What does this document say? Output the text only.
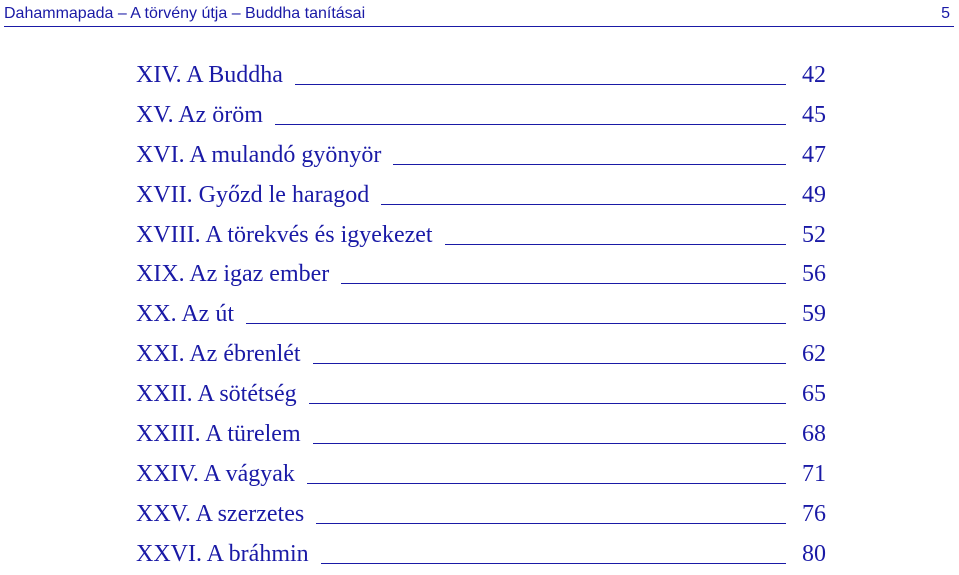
Dahammapada – A törvény útja – Buddha tanításai	5
XIV. A Buddha	42
XV. Az öröm	45
XVI. A mulandó gyönyör	47
XVII. Győzd le haragod	49
XVIII. A törekvés és igyekezet	52
XIX. Az igaz ember	56
XX. Az út	59
XXI. Az ébrenlét	62
XXII. A sötétség	65
XXIII. A türelem	68
XXIV. A vágyak	71
XXV. A szerzetes	76
XXVI. A bráhmin	80
